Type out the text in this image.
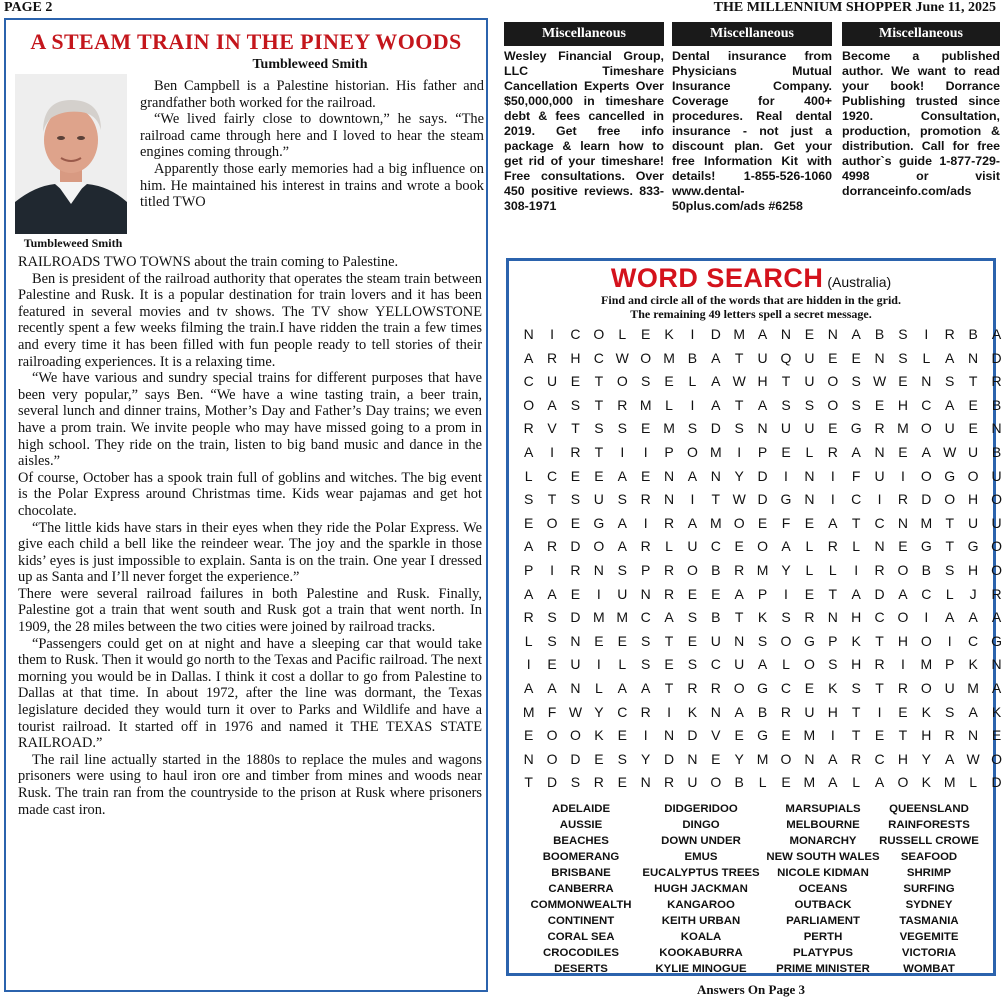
PAGE 2	THE MILLENNIUM SHOPPER June 11, 2025
A STEAM TRAIN IN THE PINEY WOODS
Tumbleweed Smith
Tumbleweed Smith

Ben Campbell is a Palestine historian. His father and grandfather both worked for the railroad.

“We lived fairly close to downtown,” he says. “The railroad came through here and I loved to hear the steam engines coming through.”

Apparently those early memories had a big influence on him. He maintained his interest in trains and wrote a book titled TWO

RAILROADS TWO TOWNS about the train coming to Palestine.

Ben is president of the railroad authority that operates the steam train between Palestine and Rusk. It is a popular destination for train lovers and it has been featured in several movies and tv shows. The TV show YELLOWSTONE recently spent a few weeks filming the train.I have ridden the train a few times and every time it has been filled with fun people ready to tell stories of their railroading experiences. It is a relaxing time.

“We have various and sundry special trains for different purposes that have been very popular,” says Ben. “We have a wine tasting train, a beer train, several lunch and dinner trains, Mother’s Day and Father’s Day trains; we even have a prom train. We invite people who may have missed going to a prom in high school. They ride on the train, listen to big band music and dance in the aisles.”

Of course, October has a spook train full of goblins and witches. The big event is the Polar Express around Christmas time. Kids wear pajamas and get hot chocolate.

“The little kids have stars in their eyes when they ride the Polar Express. We give each child a bell like the reindeer wear. The joy and the sparkle in those kids’ eyes is just impossible to explain. Santa is on the train. One year I dressed up as Santa and I’ll never forget the experience.”

There were several railroad failures in both Palestine and Rusk. Finally, Palestine got a train that went south and Rusk got a train that went north. In 1909, the 28 miles between the two cities were joined by railroad tracks.

“Passengers could get on at night and have a sleeping car that would take them to Rusk. Then it would go north to the Texas and Pacific railroad. The next morning you would be in Dallas. I think it cost a dollar to go from Palestine to Dallas at that time. In about 1972, after the line was dormant, the Texas legislature decided they would turn it over to Parks and Wildlife and have a tourist railroad. It started off in 1976 and named it THE TEXAS STATE RAILROAD.”

The rail line actually started in the 1880s to replace the mules and wagons prisoners were using to haul iron ore and timber from mines and woods near Rusk. The train ran from the countryside to the prison at Rusk where prisoners made cast iron.

Miscellaneous
Wesley Financial Group, LLC Timeshare Cancellation Experts Over $50,000,000 in timeshare debt & fees cancelled in 2019. Get free info package & learn how to get rid of your timeshare! Free consultations. Over 450 positive reviews. 833-308-1971
Miscellaneous
Dental insurance from Physicians Mutual Insurance Company. Coverage for 400+ procedures. Real dental insurance - not just a discount plan. Get your free Information Kit with details! 1-855-526-1060 www.dental-50plus.com/ads #6258
Miscellaneous
Become a published author. We want to read your book! Dorrance Publishing trusted since 1920. Consultation, production, promotion & distribution. Call for free author`s guide 1-877-729-4998 or visit dorranceinfo.com/ads
WORD SEARCH (Australia)
Find and circle all of the words that are hidden in the grid.
The remaining 49 letters spell a secret message.
N	I	C O	L	E	K	I	D M A N E N A	B	S	I	R B	A
A R H C W O M B	A	T	U Q U E	E N S	L	A N D
C U E	T O S	E	L	A W H	T	U O S W E N S	T	R
O A	S	T	R M L	I	A	T	A	S	S O S	E H C A	E	B
R V	T	S	S	E M S D S N U U E G R M O U E N
A	I	R	T	I	I	P O M	I	P	E	L	R A N E	A W U B
L	C E	E	A	E N A N Y D	I	N	I	F	U	I	O G O U
S	T	S U S R N	I	T W D G N	I	C	I	R D O H O
E O E G A	I	R A M O E	F	E	A	T	C N M T	U U
A R D O A R	L	U C E O A	L	R	L	N E G T G O
P	I	R N S	P R O B R M Y	L	L	I	R O B	S H O
A	A	E	I	U N R E	E	A	P	I	E	T	A D A C	L	J	R
R S D M M C A	S	B	T	K	S R N H C O	I	A	A	A
L	S N E	E	S	T	E U N S O G P	K	T	H O	I	C G
I	E U	I	L	S	E	S C U A	L	O S H R	I	M P	K N
A	A N	L	A	A	T	R R O G C E	K	S	T	R O U M A
M F W Y C R	I	K N A	B R U H	T	I	E	K	S	A	K
E O O K	E	I	N D V	E G E M	I	T	E	T	H R N E
N O D E	S	Y D N E	Y M O N A R C H Y	A W O
T	D S R E N R U O B	L	E M A	L	A O K M L	D
ADELAIDE
AUSSIE
BEACHES
BOOMERANG
BRISBANE
CANBERRA
COMMONWEALTH
CONTINENT
CORAL SEA
CROCODILES
DESERTS
DIDGERIDOO
DINGO
DOWN UNDER
EMUS
EUCALYPTUS TREES
HUGH JACKMAN
KANGAROO
KEITH URBAN
KOALA
KOOKABURRA
KYLIE MINOGUE
MARSUPIALS
MELBOURNE
MONARCHY
NEW SOUTH WALES
NICOLE KIDMAN
OCEANS
OUTBACK
PARLIAMENT
PERTH
PLATYPUS
PRIME MINISTER
QUEENSLAND
RAINFORESTS
RUSSELL CROWE
SEAFOOD
SHRIMP
SURFING
SYDNEY
TASMANIA
VEGEMITE
VICTORIA
WOMBAT
Answers On Page 3
